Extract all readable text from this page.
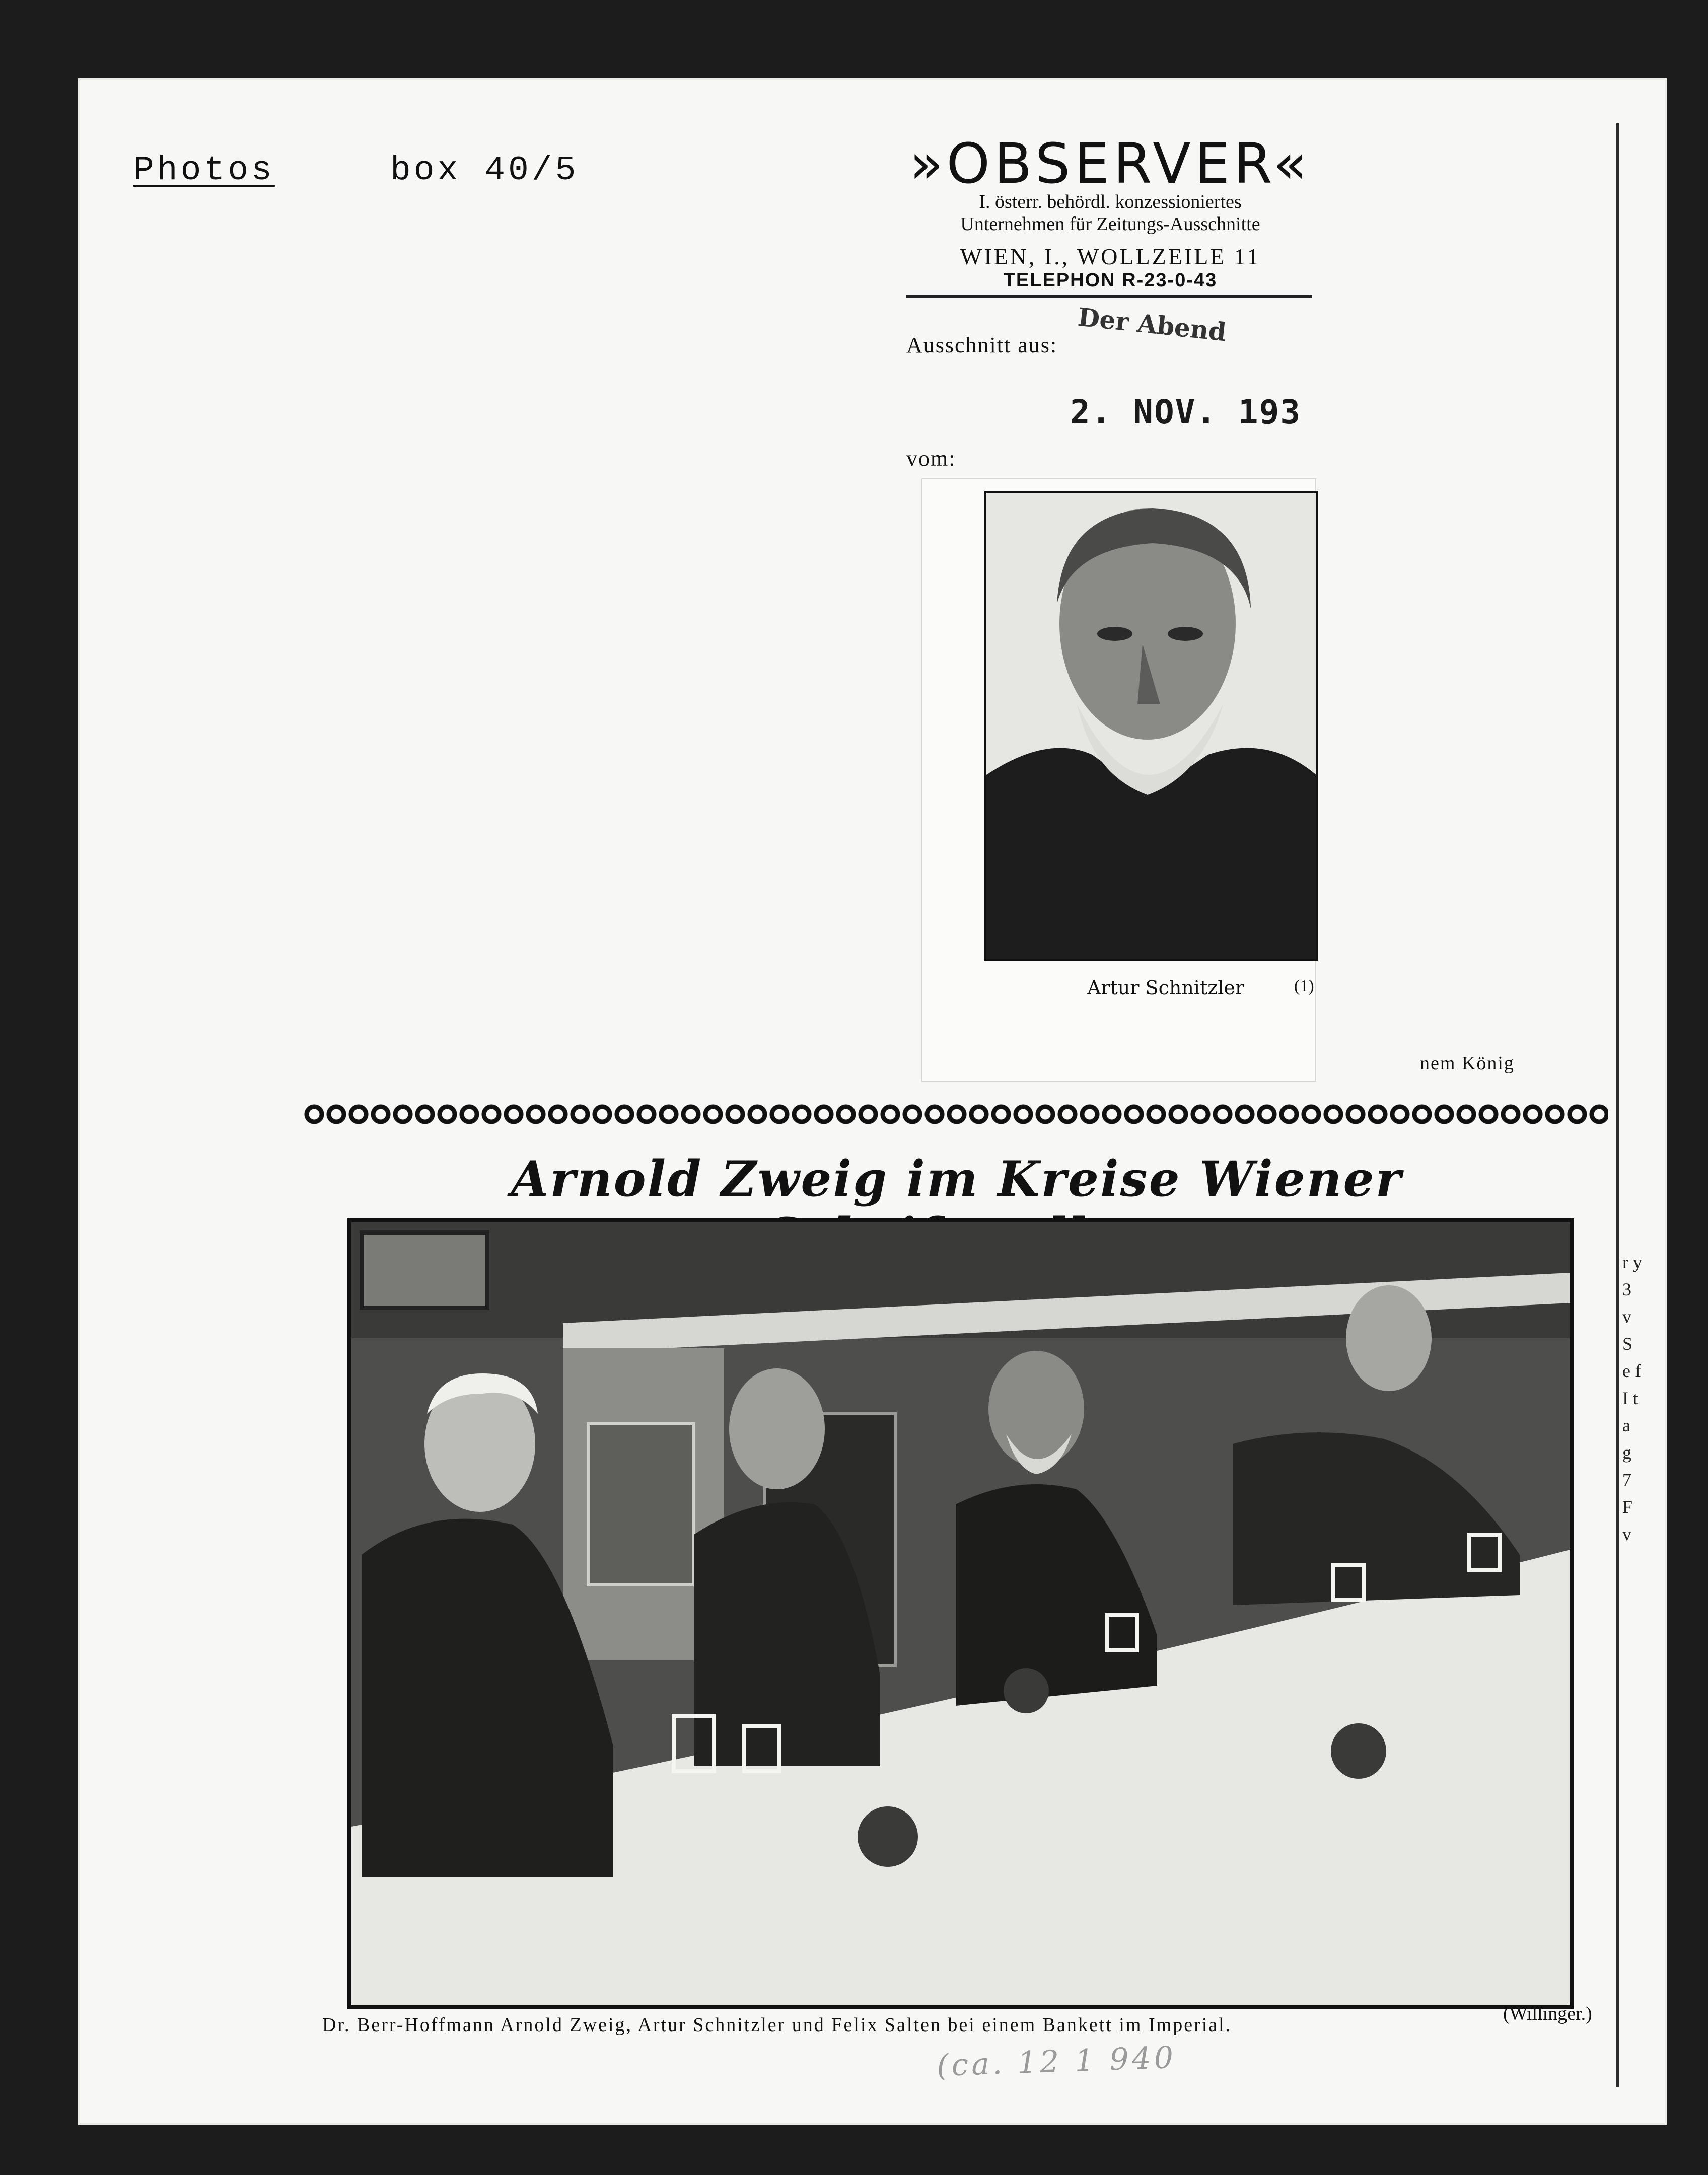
Photos	box 40/5	»OBSERVER«
I. österr. behördl. konzessioniertes
Unternehmen für Zeitungs-Ausschnitte
WIEN, I., WOLLZEILE 11
TELEPHON R-23-0-43
Ausschnitt aus: Der Abend
2. NOV. 193
vom:
Artur Schnitzler	(1)
nem König
Arnold Zweig im Kreise Wiener
Dr. Berr-Hoffmann Arnold Zweig, Artur Schnitzler und Felix Salten bei einem Bankett im Imperial.
(Willinger.)
(ca. 12 1 940
r y 3 v S e f I t a g 7 F v
